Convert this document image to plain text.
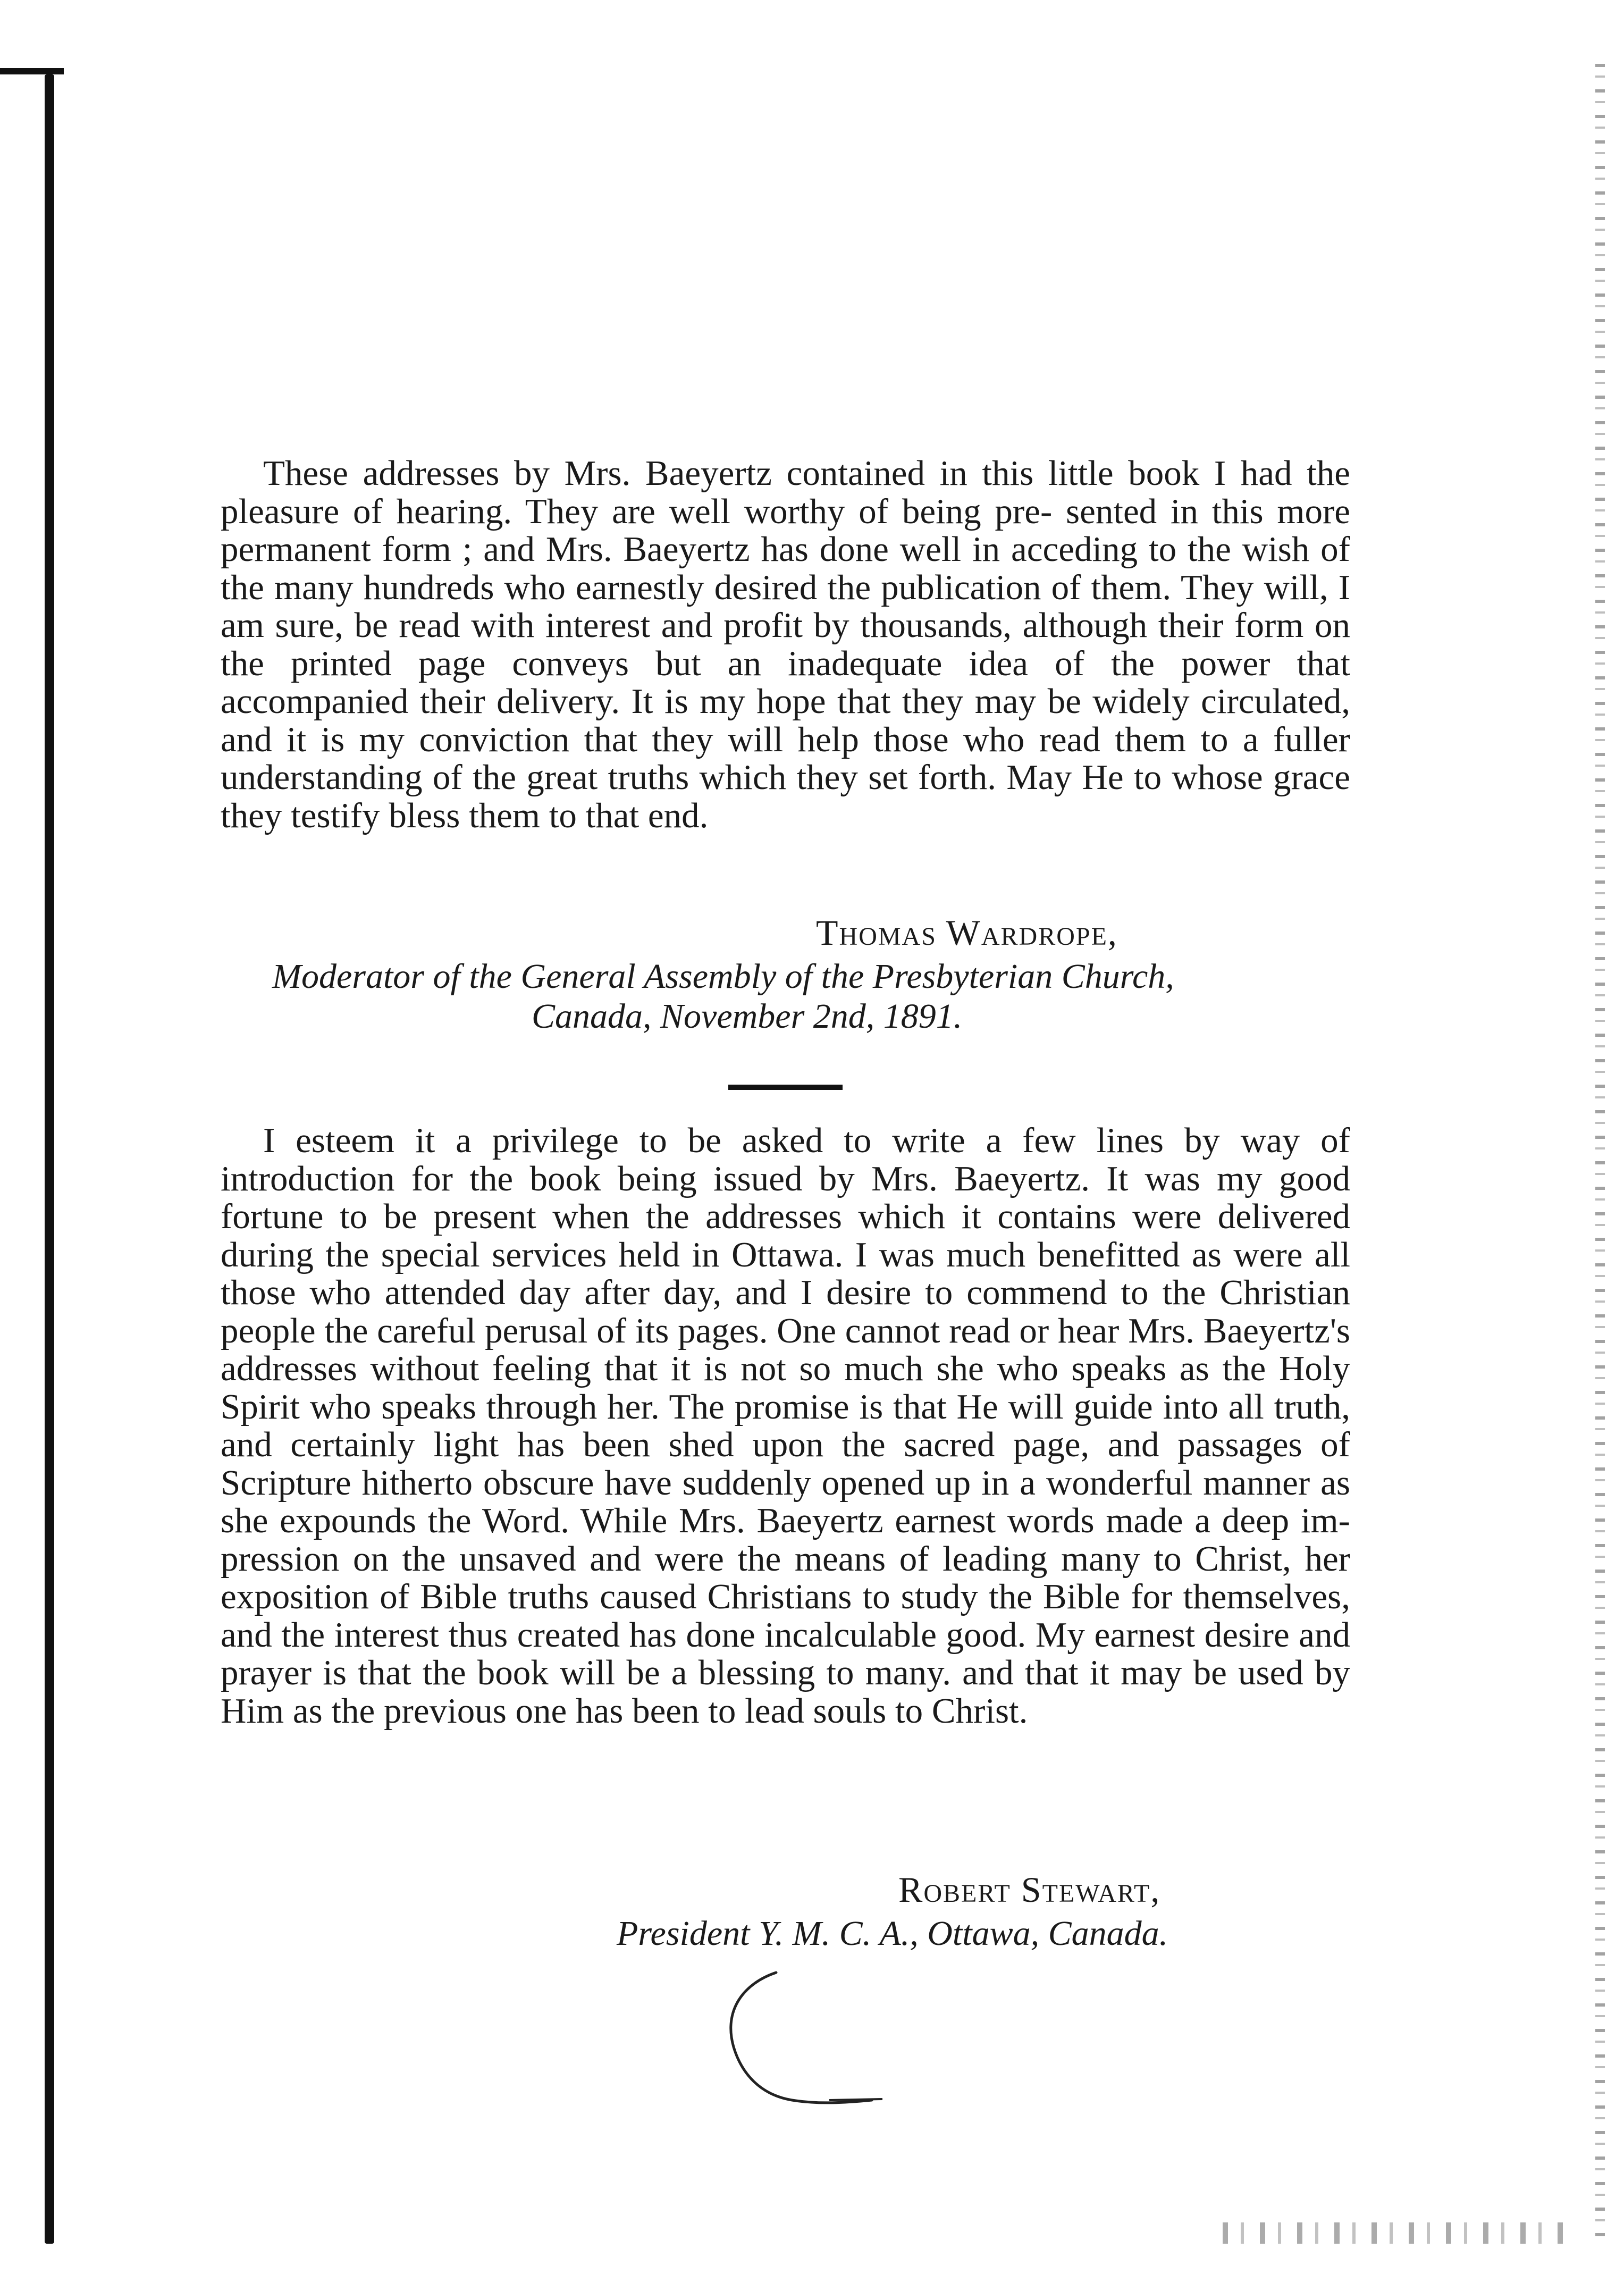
These addresses by Mrs. Baeyertz contained in this little book I had the pleasure of hearing. They are well worthy of being pre- sented in this more permanent form ; and Mrs. Baeyertz has done well in acceding to the wish of the many hundreds who earnestly desired the publication of them. They will, I am sure, be read with interest and profit by thousands, although their form on the printed page conveys but an inadequate idea of the power that accompanied their delivery. It is my hope that they may be widely circulated, and it is my conviction that they will help those who read them to a fuller understanding of the great truths which they set forth. May He to whose grace they testify bless them to that end.

Thomas Wardrope,
Moderator of the General Assembly of the Presbyterian Church,
Canada, November 2nd, 1891.

I esteem it a privilege to be asked to write a few lines by way of introduction for the book being issued by Mrs. Baeyertz. It was my good fortune to be present when the addresses which it contains were delivered during the special services held in Ottawa. I was much benefitted as were all those who attended day after day, and I desire to commend to the Christian people the careful perusal of its pages. One cannot read or hear Mrs. Baeyertz's addresses without feeling that it is not so much she who speaks as the Holy Spirit who speaks through her. The promise is that He will guide into all truth, and certainly light has been shed upon the sacred page, and passages of Scripture hitherto obscure have suddenly opened up in a wonderful manner as she expounds the Word. While Mrs. Baeyertz earnest words made a deep im- pression on the unsaved and were the means of leading many to Christ, her exposition of Bible truths caused Christians to study the Bible for themselves, and the interest thus created has done incalculable good. My earnest desire and prayer is that the book will be a blessing to many. and that it may be used by Him as the previous one has been to lead souls to Christ.

Robert Stewart,
President Y. M. C. A., Ottawa, Canada.
